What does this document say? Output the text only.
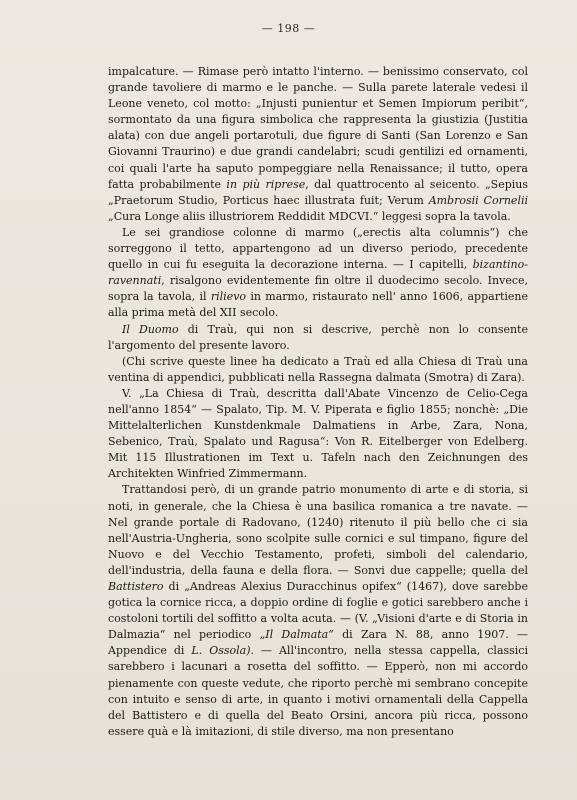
— 198 —

impalcature. — Rimase però intatto l'interno. — benissimo conservato, col grande tavoliere di marmo e le panche. — Sulla parete laterale vedesi il Leone veneto, col motto: „Injusti punientur et Semen Impiorum peribit“, sormontato da una figura simbolica che rappresenta la giustizia (Justitia alata) con due angeli portarotuli, due figure di Santi (San Lorenzo e San Giovanni Traurino) e due grandi candelabri; scudi gentilizi ed ornamenti, coi quali l'arte ha saputo pompeggiare nella Renaissance; il tutto, opera fatta probabilmente in più riprese, dal quattrocento al seicento. „Sepius „Praetorum Studio, Porticus haec illustrata fuit; Verum Ambrosii Cornelii „Cura Longe aliis illustriorem Reddidit MDCVI.“ leggesi sopra la tavola.

Le sei grandiose colonne di marmo („erectis alta columnis“) che sorreggono il tetto, appartengono ad un diverso periodo, precedente quello in cui fu eseguita la decorazione interna. — I capitelli, bizantino-ravennati, risalgono evidentemente fin oltre il duodecimo secolo. Invece, sopra la tavola, il rilievo in marmo, ristaurato nell' anno 1606, appartiene alla prima metà del XII secolo.

Il Duomo di Traù, qui non si descrive, perchè non lo consente l'argomento del presente lavoro.

(Chi scrive queste linee ha dedicato a Traù ed alla Chiesa di Traù una ventina di appendici, pubblicati nella Rassegna dalmata (Smotra) di Zara).

V. „La Chiesa di Traù, descritta dall'Abate Vincenzo de Celio-Cega nell'anno 1854“ — Spalato, Tip. M. V. Piperata e figlio 1855; nonchè: „Die Mittelalterlichen Kunstdenkmale Dalmatiens in Arbe, Zara, Nona, Sebenico, Traù, Spalato und Ragusa“: Von R. Eitelberger von Edelberg. Mit 115 Illustrationen im Text u. Tafeln nach den Zeichnungen des Architekten Winfried Zimmermann.

Trattandosi però, di un grande patrio monumento di arte e di storia, si noti, in generale, che la Chiesa è una basilica romanica a tre navate. — Nel grande portale di Radovano, (1240) ritenuto il più bello che ci sia nell'Austria-Ungheria, sono scolpite sulle cornici e sul timpano, figure del Nuovo e del Vecchio Testamento, profeti, simboli del calendario, dell'industria, della fauna e della flora. — Sonvi due cappelle; quella del Battistero di „Andreas Alexius Duracchinus opifex“ (1467), dove sarebbe gotica la cornice ricca, a doppio ordine di foglie e gotici sarebbero anche i costoloni tortili del soffitto a volta acuta. — (V. „Visioni d'arte e di Storia in Dalmazia“ nel periodico „Il Dalmata“ di Zara N. 88, anno 1907. — Appendice di L. Ossola). — All'incontro, nella stessa cappella, classici sarebbero i lacunari a rosetta del soffitto. — Epperò, non mi accordo pienamente con queste vedute, che riporto perchè mi sembrano concepite con intuito e senso di arte, in quanto i motivi ornamentali della Cappella del Battistero e di quella del Beato Orsini, ancora più ricca, possono essere quà e là imitazioni, di stile diverso, ma non presentano
